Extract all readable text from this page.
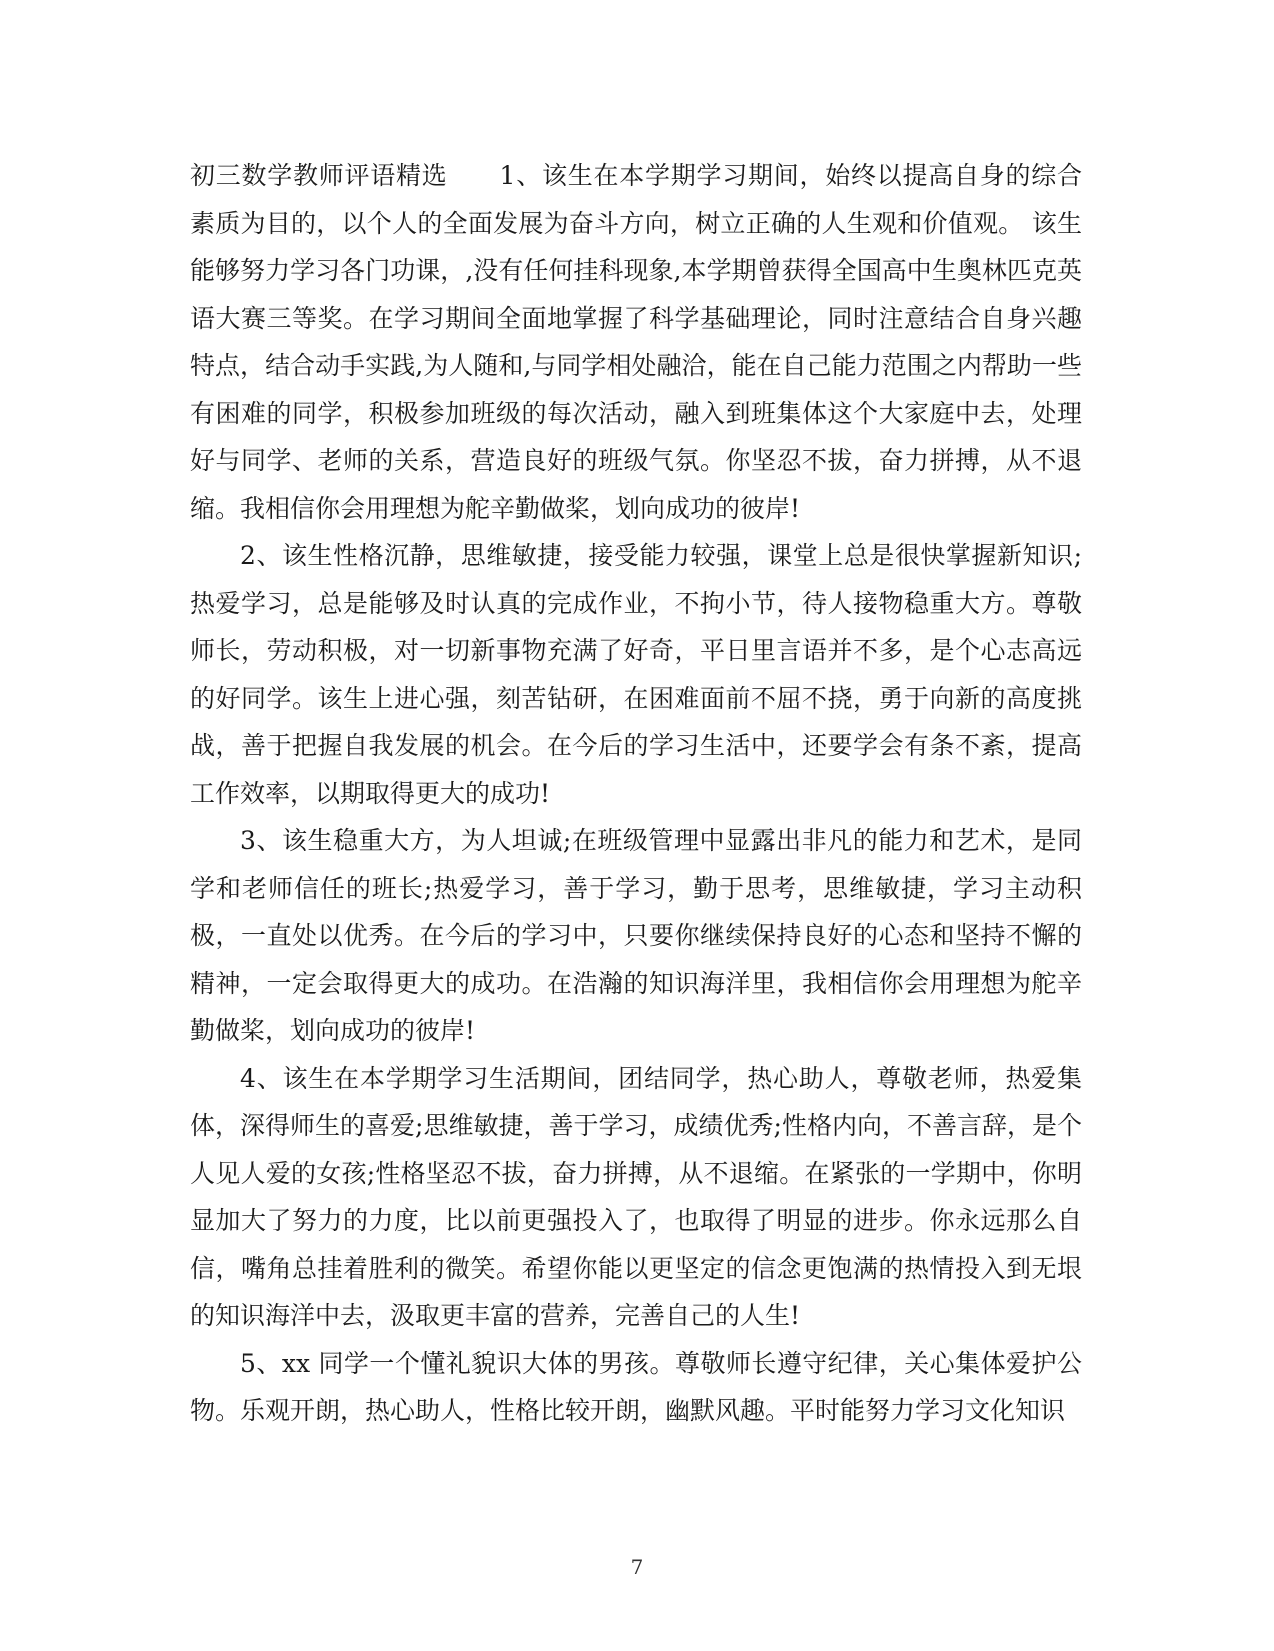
初三数学教师评语精选 1、该生在本学期学习期间，始终以提高自身的综合素质为目的，以个人的全面发展为奋斗方向，树立正确的人生观和价值观。 该生能够努力学习各门功课，,没有任何挂科现象,本学期曾获得全国高中生奥林匹克英语大赛三等奖。在学习期间全面地掌握了科学基础理论，同时注意结合自身兴趣特点，结合动手实践,为人随和,与同学相处融洽，能在自己能力范围之内帮助一些有困难的同学，积极参加班级的每次活动，融入到班集体这个大家庭中去，处理好与同学、老师的关系，营造良好的班级气氛。你坚忍不拔，奋力拼搏，从不退缩。我相信你会用理想为舵辛勤做桨，划向成功的彼岸!

2、该生性格沉静，思维敏捷，接受能力较强，课堂上总是很快掌握新知识;热爱学习，总是能够及时认真的完成作业，不拘小节，待人接物稳重大方。尊敬师长，劳动积极，对一切新事物充满了好奇，平日里言语并不多，是个心志高远的好同学。该生上进心强，刻苦钻研，在困难面前不屈不挠，勇于向新的高度挑战，善于把握自我发展的机会。在今后的学习生活中，还要学会有条不紊，提高工作效率，以期取得更大的成功!

3、该生稳重大方，为人坦诚;在班级管理中显露出非凡的能力和艺术，是同学和老师信任的班长;热爱学习，善于学习，勤于思考，思维敏捷，学习主动积极，一直处以优秀。在今后的学习中，只要你继续保持良好的心态和坚持不懈的精神，一定会取得更大的成功。在浩瀚的知识海洋里，我相信你会用理想为舵辛勤做桨，划向成功的彼岸!

4、该生在本学期学习生活期间，团结同学，热心助人，尊敬老师，热爱集体，深得师生的喜爱;思维敏捷，善于学习，成绩优秀;性格内向，不善言辞，是个人见人爱的女孩;性格坚忍不拔，奋力拼搏，从不退缩。在紧张的一学期中，你明显加大了努力的力度，比以前更强投入了，也取得了明显的进步。你永远那么自信，嘴角总挂着胜利的微笑。希望你能以更坚定的信念更饱满的热情投入到无垠的知识海洋中去，汲取更丰富的营养，完善自己的人生!

5、xx 同学一个懂礼貌识大体的男孩。尊敬师长遵守纪律，关心集体爱护公物。乐观开朗，热心助人，性格比较开朗，幽默风趣。平时能努力学习文化知识

7
